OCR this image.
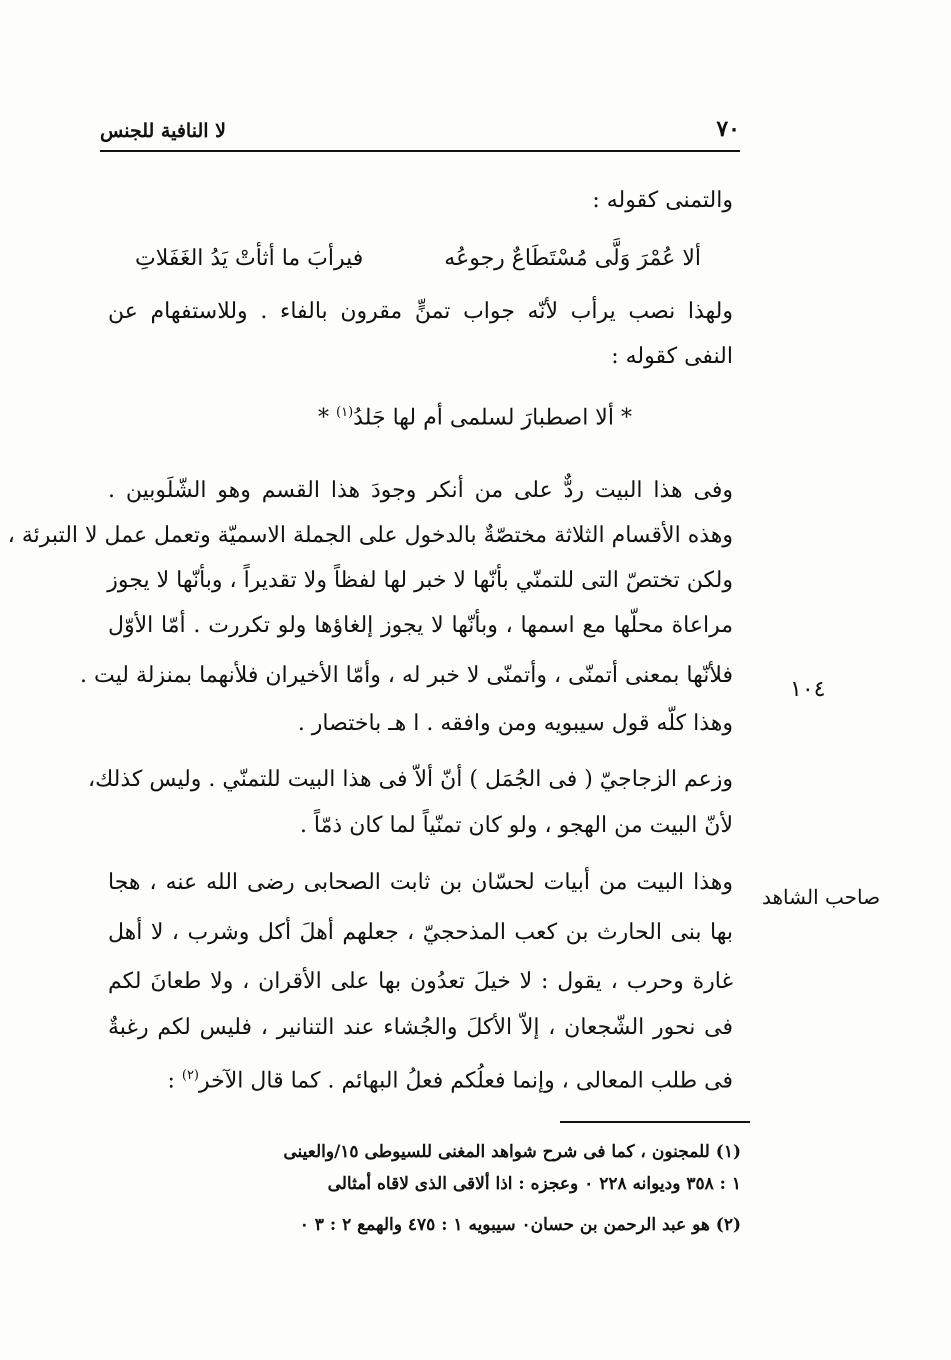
لا النافية للجنس	٧٠
والتمنى كقوله :
ألا عُمْرَ وَلَّى مُسْتَطَاعٌ رجوعُه
فيرأبَ ما أثأتْ يَدُ الغَفَلاتِ
ولهذا نصب يرأب لأنّه جواب تمنٍّ مقرون بالفاء . وللاستفهام عن
النفى كقوله :
* ألا اصطبارَ لسلمى أم لها جَلدُ$^{(١)}$ *
وفى هذا البيت ردٌّ على من أنكر وجودَ هذا القسم وهو الشّلَوبين .
وهذه الأقسام الثلاثة مختصّةٌ بالدخول على الجملة الاسميّة وتعمل عمل لا التبرئة ،
ولكن تختصّ التى للتمنّي بأنّها لا خبر لها لفظاً ولا تقديراً ، وبأنّها لا يجوز
مراعاة محلّها مع اسمها ، وبأنّها لا يجوز إلغاؤها ولو تكررت . أمّا الأوّل
فلأنّها بمعنى أتمنّى ، وأتمنّى لا خبر له ، وأمّا الأخيران فلأنهما بمنزلة ليت .
وهذا كلّه قول سيبويه ومن وافقه . ا هـ باختصار .
وزعم الزجاجيّ ( فى الجُمَل ) أنّ ألاّ فى هذا البيت للتمنّي . وليس كذلك،
لأنّ البيت من الهجو ، ولو كان تمنّياً لما كان ذمّاً .
وهذا البيت من أبيات لحسّان بن ثابت الصحابى رضى الله عنه ، هجا
بها بنى الحارث بن كعب المذحجيّ ، جعلهم أهلَ أكل وشرب ، لا أهل
غارة وحرب ، يقول : لا خيلَ تعدُون بها على الأقران ، ولا طعانَ لكم
فى نحور الشّجعان ، إلاّ الأكلَ والجُشاء عند التنانير ، فليس لكم رغبةٌ
فى طلب المعالى ، وإنما فعلُكم فعلُ البهائم . كما قال الآخر$^{(٢)}$ :
١٠٤
صاحب الشاهد
(١) للمجنون ، كما فى شرح شواهد المغنى للسيوطى ١٥/والعينى
١ : ٣٥٨ وديوانه ٢٢٨ ٠ وعجزه : اذا ألاقى الذى لاقاه أمثالى
(٢) هو عبد الرحمن بن حسان٠ سيبويه ١ : ٤٧٥ والهمع ٢ : ٣ ٠
